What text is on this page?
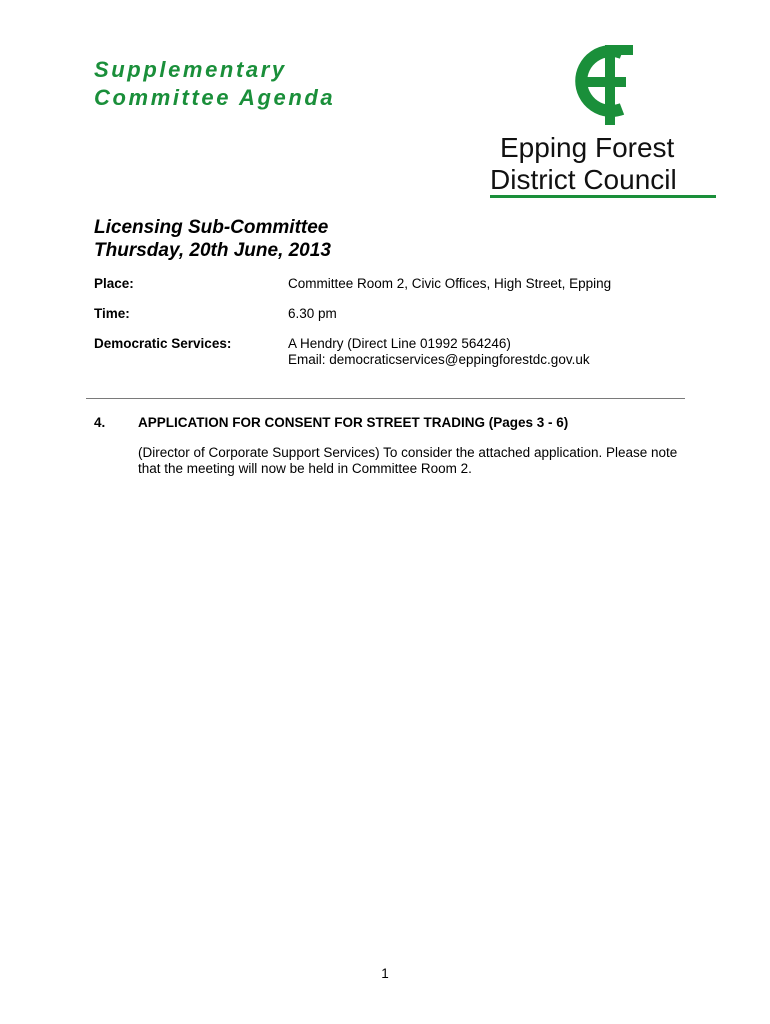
Supplementary
Committee Agenda
Epping Forest
District Council
Licensing Sub-Committee
Thursday, 20th June, 2013
Place:	Committee Room 2, Civic Offices, High Street, Epping
Time:	6.30 pm
Democratic Services:	A Hendry (Direct Line 01992 564246)
Email: democraticservices@eppingforestdc.gov.uk
4.	APPLICATION FOR CONSENT FOR STREET TRADING (Pages 3 - 6)
(Director of Corporate Support Services) To consider the attached application. Please note that the meeting will now be held in Committee Room 2.
1
